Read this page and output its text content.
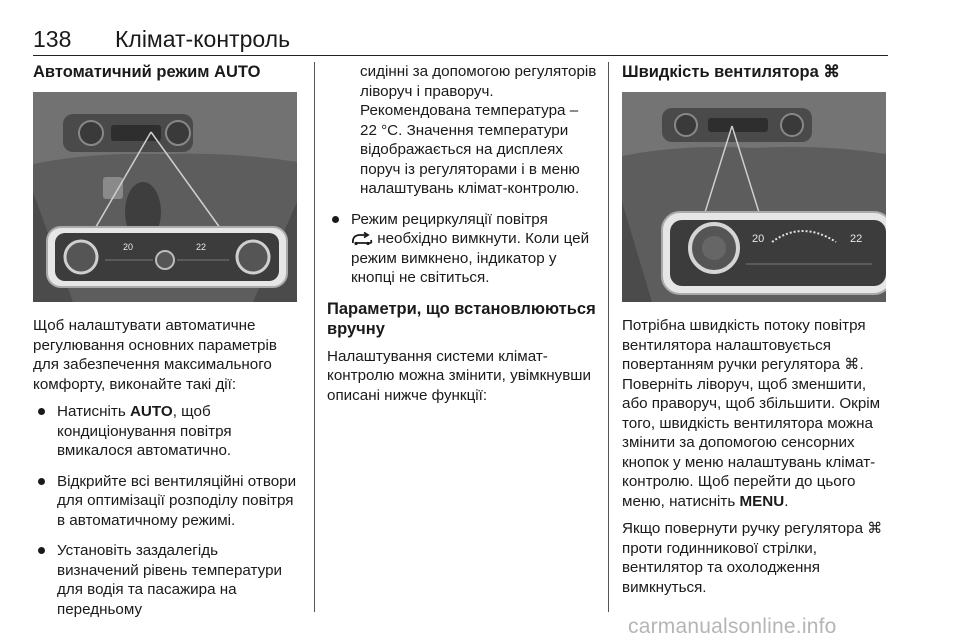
138 Клімат-контроль
Автоматичний режим AUTO
20	22

Щоб налаштувати автоматичне регулювання основних параметрів для забезпечення максимального комфорту, виконайте такі дії:

Натисніть AUTO, щоб кондиціонування повітря вмикалося автоматично.
Відкрийте всі вентиляційні отвори для оптимізації розподілу повітря в автоматичному режимі.
Установіть заздалегідь визначений рівень температури для водія та пасажира на передньому

сидінні за допомогою регуляторів ліворуч і праворуч. Рекомендована температура – 22 °C. Значення температури відображається на дисплеях поруч із регуляторами і в меню налаштувань клімат-контролю.

Режим рециркуляції повітря
необхідно вимкнути. Коли цей режим вимкнено, індикатор у кнопці не світиться.
Параметри, що встановлюються вручну

Налаштування системи клімат-контролю можна змінити, увімкнувши описані нижче функції:

Швидкість вентилятора ⌘
20	22

Потрібна швидкість потоку повітря вентилятора налаштовується повертанням ручки регулятора ⌘. Поверніть ліворуч, щоб зменшити, або праворуч, щоб збільшити. Окрім того, швидкість вентилятора можна змінити за допомогою сенсорних кнопок у меню налаштувань клімат-контролю. Щоб перейти до цього меню, натисніть MENU.

Якщо повернути ручку регулятора ⌘ проти годинникової стрілки, вентилятор та охолодження вимкнуться.

carmanualsonline.info
